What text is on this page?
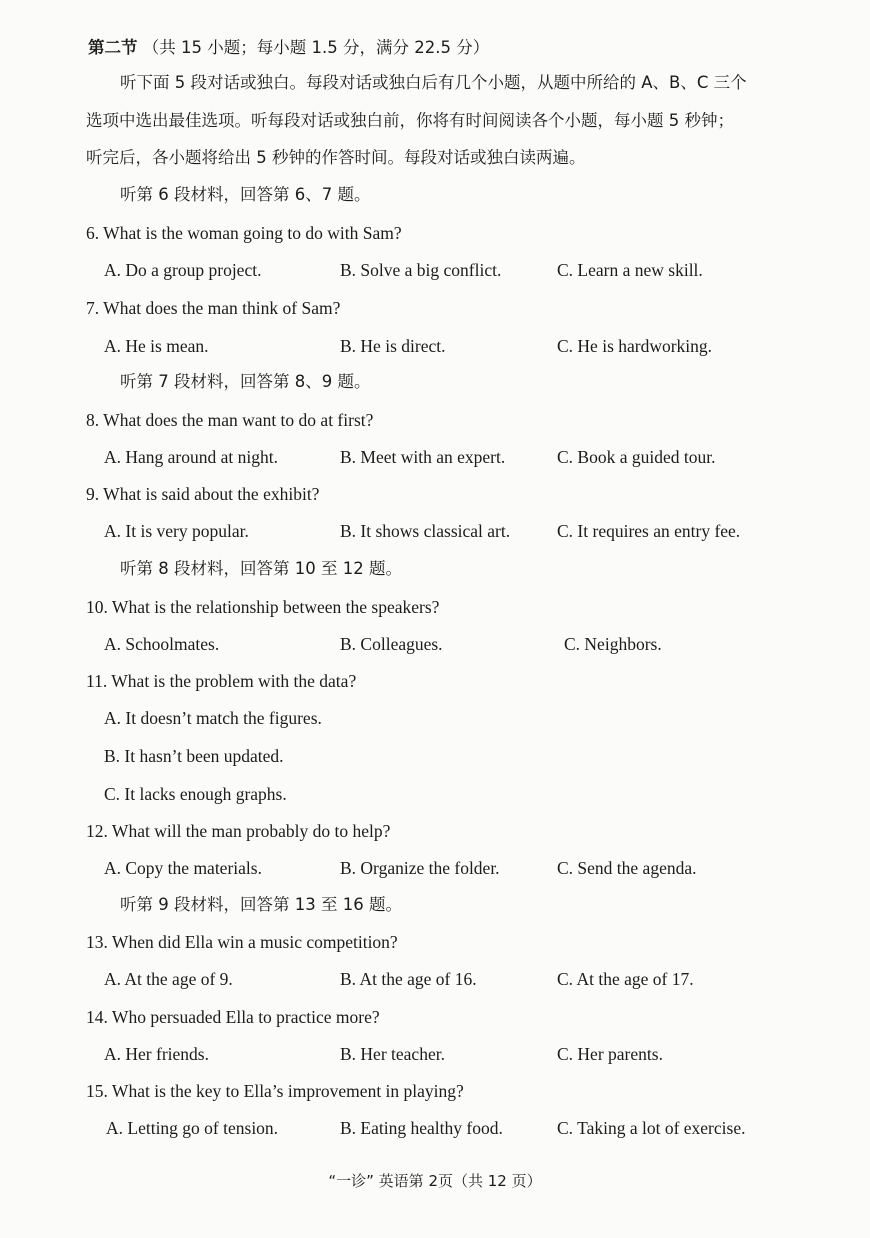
第二节 （共 15 小题；每小题 1.5 分，满分 22.5 分）
听下面 5 段对话或独白。每段对话或独白后有几个小题，从题中所给的 A、B、C 三个
选项中选出最佳选项。听每段对话或独白前，你将有时间阅读各个小题，每小题 5 秒钟；
听完后，各小题将给出 5 秒钟的作答时间。每段对话或独白读两遍。
听第 6 段材料，回答第 6、7 题。
6. What is the woman going to do with Sam?
A. Do a group project.	B. Solve a big conflict.	C. Learn a new skill.
7. What does the man think of Sam?
A. He is mean.	B. He is direct.	C. He is hardworking.
听第 7 段材料，回答第 8、9 题。
8. What does the man want to do at first?
A. Hang around at night.	B. Meet with an expert.	C. Book a guided tour.
9. What is said about the exhibit?
A. It is very popular.	B. It shows classical art.	C. It requires an entry fee.
听第 8 段材料，回答第 10 至 12 题。
10. What is the relationship between the speakers?
A. Schoolmates.	B. Colleagues.	C. Neighbors.
11. What is the problem with the data?
A. It doesn’t match the figures.
B. It hasn’t been updated.
C. It lacks enough graphs.
12. What will the man probably do to help?
A. Copy the materials.	B. Organize the folder.	C. Send the agenda.
听第 9 段材料，回答第 13 至 16 题。
13. When did Ella win a music competition?
A. At the age of 9.	B. At the age of 16.	C. At the age of 17.
14. Who persuaded Ella to practice more?
A. Her friends.	B. Her teacher.	C. Her parents.
15. What is the key to Ella’s improvement in playing?
A. Letting go of tension.	B. Eating healthy food.	C. Taking a lot of exercise.
“一诊” 英语第 2页（共 12 页）
